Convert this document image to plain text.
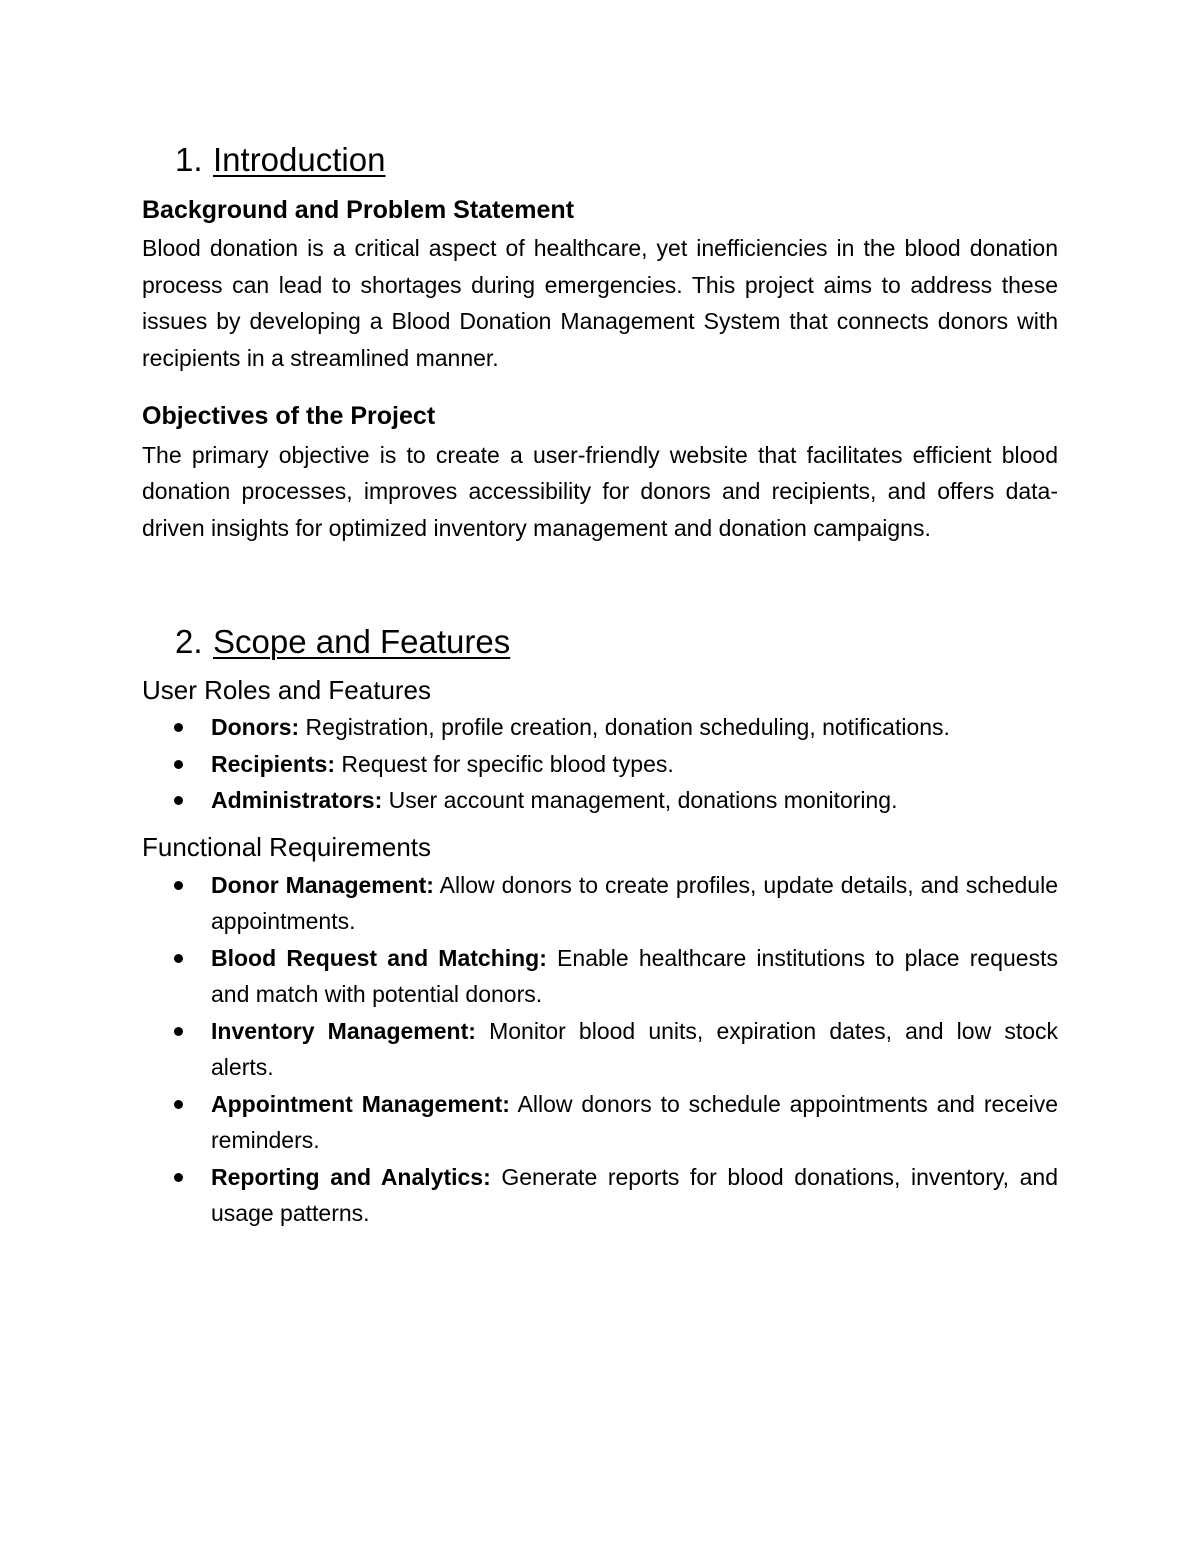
1. Introduction
Background and Problem Statement

Blood donation is a critical aspect of healthcare, yet inefficiencies in the blood donation process can lead to shortages during emergencies. This project aims to address these issues by developing a Blood Donation Management System that connects donors with recipients in a streamlined manner.

Objectives of the Project

The primary objective is to create a user-friendly website that facilitates efficient blood donation processes, improves accessibility for donors and recipients, and offers data-driven insights for optimized inventory management and donation campaigns.

2. Scope and Features
User Roles and Features
Donors: Registration, profile creation, donation scheduling, notifications.
Recipients: Request for specific blood types.
Administrators: User account management, donations monitoring.
Functional Requirements
Donor Management: Allow donors to create profiles, update details, and schedule appointments.
Blood Request and Matching: Enable healthcare institutions to place requests and match with potential donors.
Inventory Management: Monitor blood units, expiration dates, and low stock alerts.
Appointment Management: Allow donors to schedule appointments and receive reminders.
Reporting and Analytics: Generate reports for blood donations, inventory, and usage patterns.
